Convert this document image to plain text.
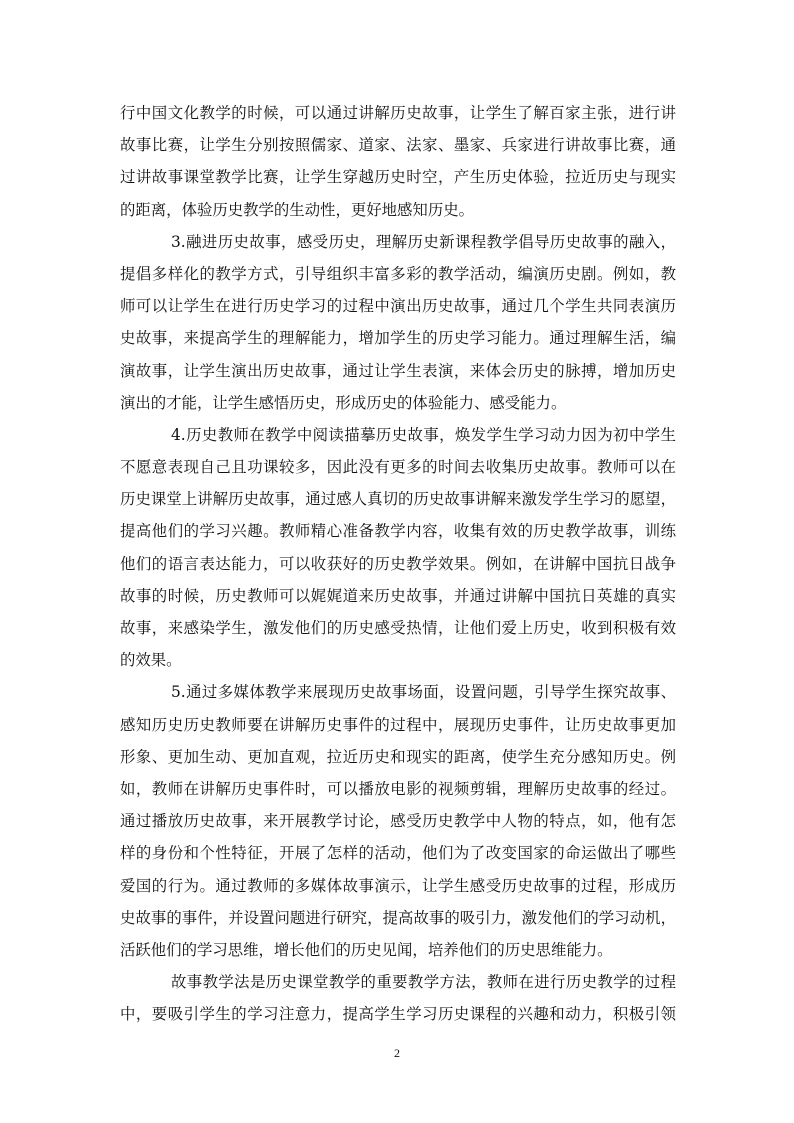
行中国文化教学的时候，可以通过讲解历史故事，让学生了解百家主张，进行讲
故事比赛，让学生分别按照儒家、道家、法家、墨家、兵家进行讲故事比赛，通
过讲故事课堂教学比赛，让学生穿越历史时空，产生历史体验，拉近历史与现实
的距离，体验历史教学的生动性，更好地感知历史。
3.融进历史故事，感受历史，理解历史新课程教学倡导历史故事的融入，
提倡多样化的教学方式，引导组织丰富多彩的教学活动，编演历史剧。例如，教
师可以让学生在进行历史学习的过程中演出历史故事，通过几个学生共同表演历
史故事，来提高学生的理解能力，增加学生的历史学习能力。通过理解生活，编
演故事，让学生演出历史故事，通过让学生表演，来体会历史的脉搏，增加历史
演出的才能，让学生感悟历史，形成历史的体验能力、感受能力。
4.历史教师在教学中阅读描摹历史故事，焕发学生学习动力因为初中学生
不愿意表现自己且功课较多，因此没有更多的时间去收集历史故事。教师可以在
历史课堂上讲解历史故事，通过感人真切的历史故事讲解来激发学生学习的愿望，
提高他们的学习兴趣。教师精心准备教学内容，收集有效的历史教学故事，训练
他们的语言表达能力，可以收获好的历史教学效果。例如，在讲解中国抗日战争
故事的时候，历史教师可以娓娓道来历史故事，并通过讲解中国抗日英雄的真实
故事，来感染学生，激发他们的历史感受热情，让他们爱上历史，收到积极有效
的效果。
5.通过多媒体教学来展现历史故事场面，设置问题，引导学生探究故事、
感知历史历史教师要在讲解历史事件的过程中，展现历史事件，让历史故事更加
形象、更加生动、更加直观，拉近历史和现实的距离，使学生充分感知历史。例
如，教师在讲解历史事件时，可以播放电影的视频剪辑，理解历史故事的经过。
通过播放历史故事，来开展教学讨论，感受历史教学中人物的特点，如，他有怎
样的身份和个性特征，开展了怎样的活动，他们为了改变国家的命运做出了哪些
爱国的行为。通过教师的多媒体故事演示，让学生感受历史故事的过程，形成历
史故事的事件，并设置问题进行研究，提高故事的吸引力，激发他们的学习动机，
活跃他们的学习思维，增长他们的历史见闻，培养他们的历史思维能力。
故事教学法是历史课堂教学的重要教学方法，教师在进行历史教学的过程
中，要吸引学生的学习注意力，提高学生学习历史课程的兴趣和动力，积极引领
2
